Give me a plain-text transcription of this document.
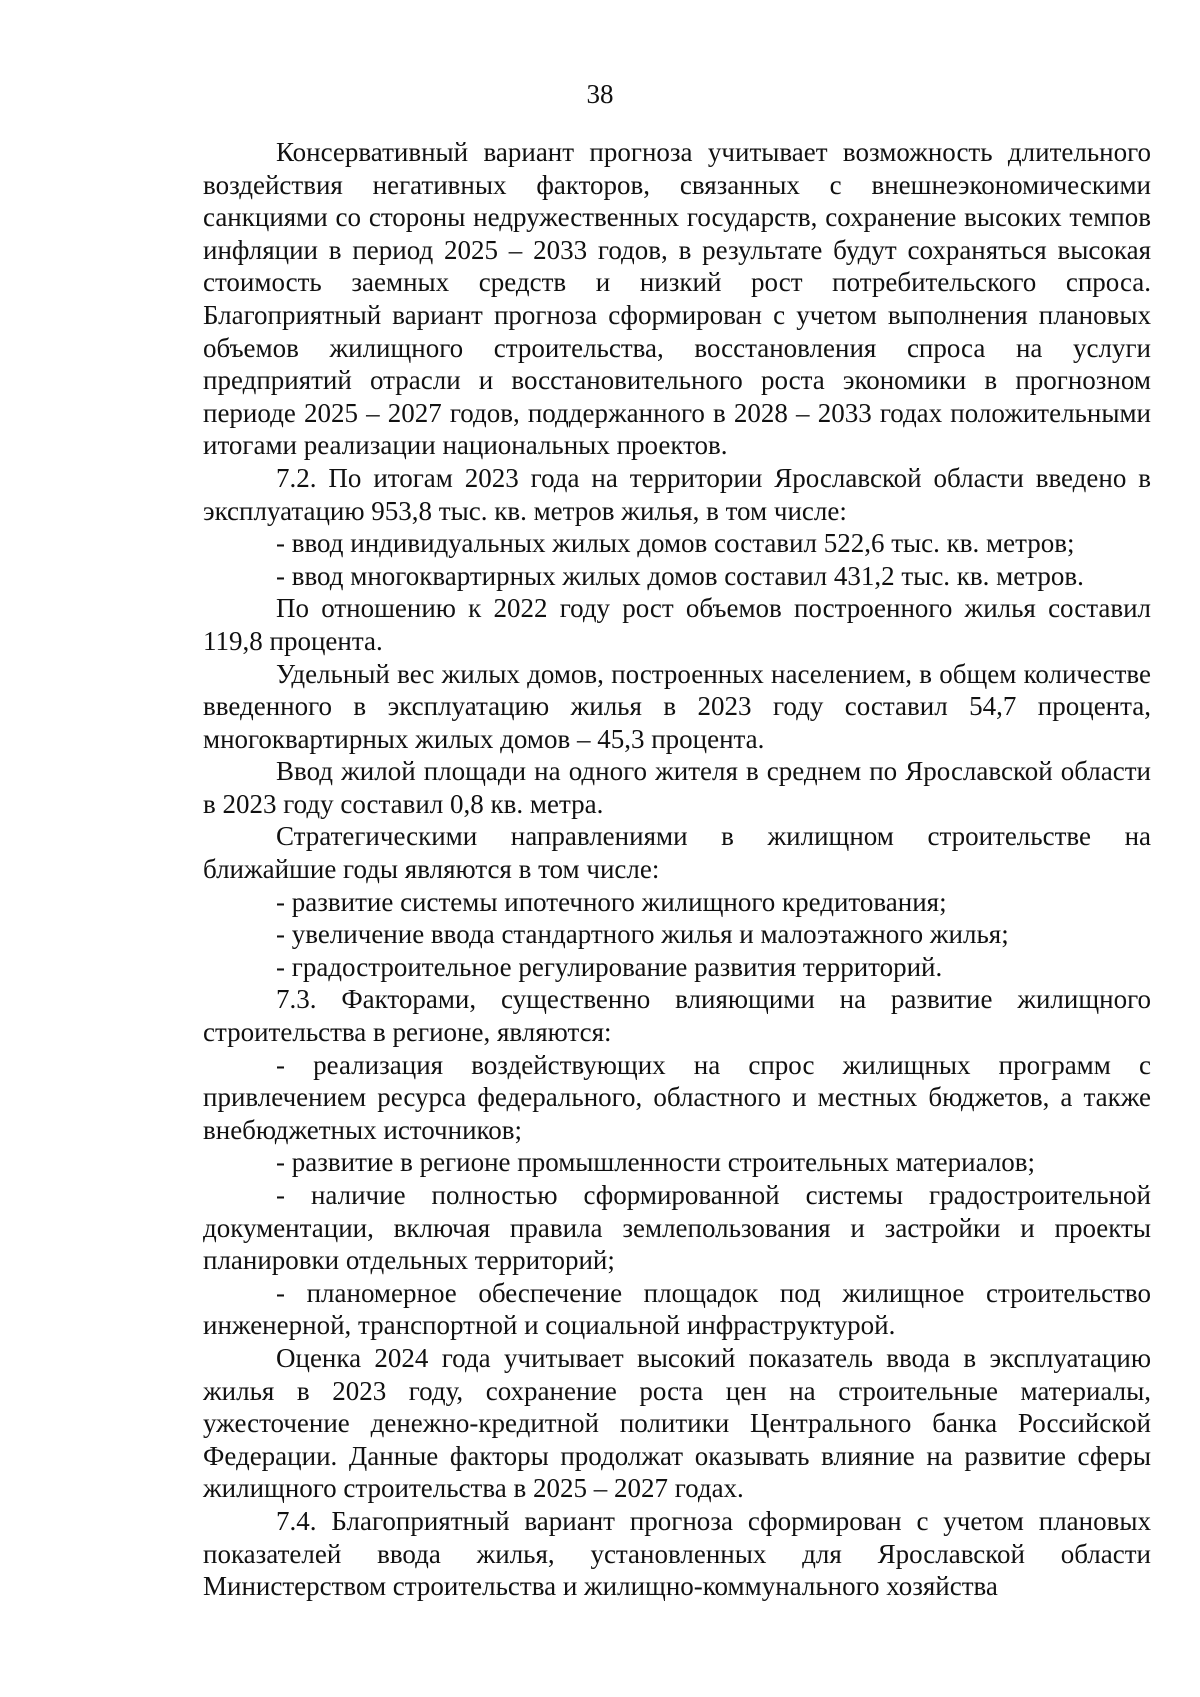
38

Консервативный вариант прогноза учитывает возможность длительного воздействия негативных факторов, связанных с внешнеэкономическими санкциями со стороны недружественных государств, сохранение высоких темпов инфляции в период 2025 – 2033 годов, в результате будут сохраняться высокая стоимость заемных средств и низкий рост потребительского спроса. Благоприятный вариант прогноза сформирован с учетом выполнения плановых объемов жилищного строительства, восстановления спроса на услуги предприятий отрасли и восстановительного роста экономики в прогнозном периоде 2025 – 2027 годов, поддержанного в 2028 – 2033 годах положительными итогами реализации национальных проектов.

7.2. По итогам 2023 года на территории Ярославской области введено в эксплуатацию 953,8 тыс. кв. метров жилья, в том числе:

- ввод индивидуальных жилых домов составил 522,6 тыс. кв. метров;

- ввод многоквартирных жилых домов составил 431,2 тыс. кв. метров.

По отношению к 2022 году рост объемов построенного жилья составил 119,8 процента.

Удельный вес жилых домов, построенных населением, в общем количестве введенного в эксплуатацию жилья в 2023 году составил 54,7 процента, многоквартирных жилых домов – 45,3 процента.

Ввод жилой площади на одного жителя в среднем по Ярославской области в 2023 году составил 0,8 кв. метра.

Стратегическими направлениями в жилищном строительстве на ближайшие годы являются в том числе:

- развитие системы ипотечного жилищного кредитования;

- увеличение ввода стандартного жилья и малоэтажного жилья;

- градостроительное регулирование развития территорий.

7.3. Факторами, существенно влияющими на развитие жилищного строительства в регионе, являются:

- реализация воздействующих на спрос жилищных программ с привлечением ресурса федерального, областного и местных бюджетов, а также внебюджетных источников;

- развитие в регионе промышленности строительных материалов;

- наличие полностью сформированной системы градостроительной документации, включая правила землепользования и застройки и проекты планировки отдельных территорий;

- планомерное обеспечение площадок под жилищное строительство инженерной, транспортной и социальной инфраструктурой.

Оценка 2024 года учитывает высокий показатель ввода в эксплуатацию жилья в 2023 году, сохранение роста цен на строительные материалы, ужесточение денежно-кредитной политики Центрального банка Российской Федерации. Данные факторы продолжат оказывать влияние на развитие сферы жилищного строительства в 2025 – 2027 годах.

7.4. Благоприятный вариант прогноза сформирован с учетом плановых показателей ввода жилья, установленных для Ярославской области Министерством строительства и жилищно-коммунального хозяйства
